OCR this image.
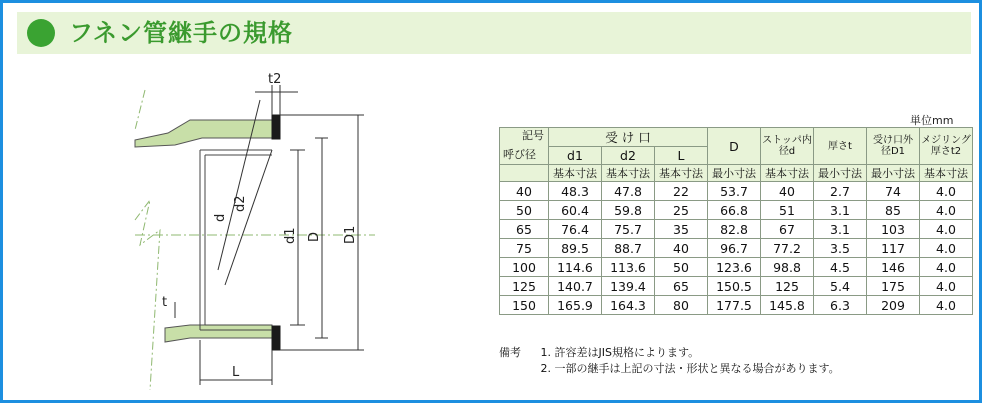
フネン管継手の規格
t2
d
d2
d1 D D1
t
L
単位mm
記号
呼び径	受 け 口			D	ストッパ内 径d	厚さt	受け口外 径D1	メジリング厚さt2
	d1	d2	L					
	基本寸法	基本寸法	基本寸法	最小寸法	基本寸法	最小寸法	最小寸法	基本寸法
40	48.3	47.8	22	53.7	40	2.7	74	4.0
50	60.4	59.8	25	66.8	51	3.1	85	4.0
65	76.4	75.7	35	82.8	67	3.1	103	4.0
75	89.5	88.7	40	96.7	77.2	3.5	117	4.0
100	114.6	113.6	50	123.6	98.8	4.5	146	4.0
125	140.7	139.4	65	150.5	125	5.4	175	4.0
150	165.9	164.3	80	177.5	145.8	6.3	209	4.0
備考 1. 許容差はJIS規格によります。
2. 一部の継手は上記の寸法・形状と異なる場合があります。
